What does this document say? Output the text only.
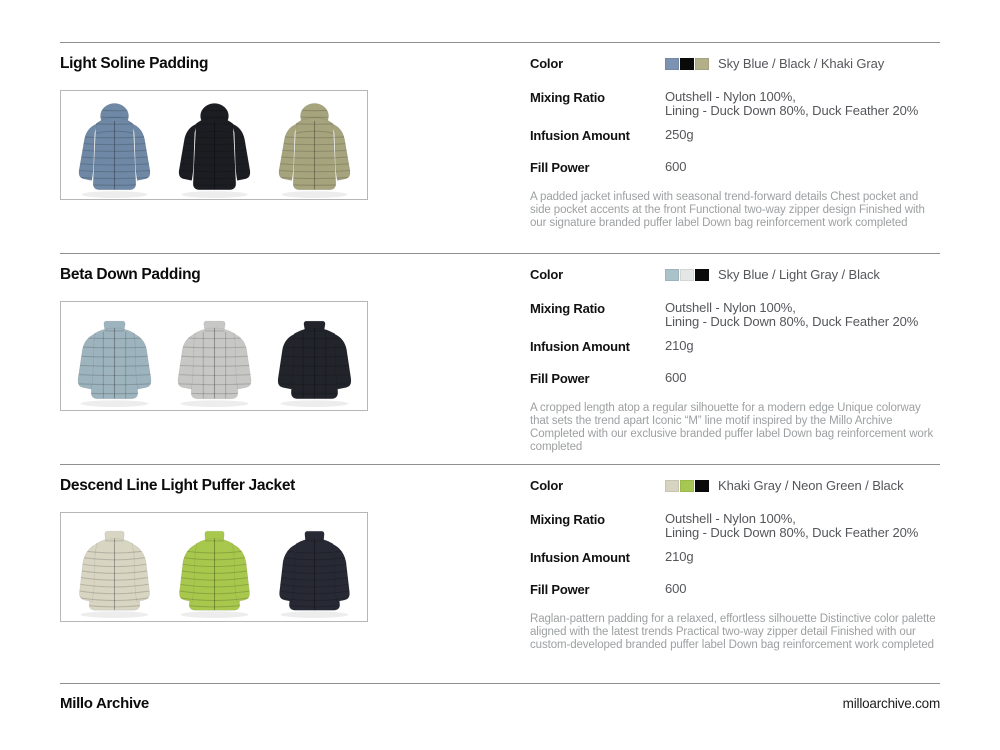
Light Soline Padding	Color	Sky Blue / Black / Khaki Gray
Mixing Ratio	Outshell - Nylon 100%,
Lining - Duck Down 80%, Duck Feather 20%
Infusion Amount	250g
Fill Power	600

A padded jacket infused with seasonal trend-forward details Chest pocket and side pocket accents at the front Functional two-way zipper design Finished with our signature branded puffer label Down bag reinforcement work completed

Beta Down Padding	Color	Sky Blue / Light Gray / Black
Mixing Ratio	Outshell - Nylon 100%,
Lining - Duck Down 80%, Duck Feather 20%
Infusion Amount	210g
Fill Power	600

A cropped length atop a regular silhouette for a modern edge Unique colorway that sets the trend apart Iconic “M” line motif inspired by the Millo Archive Completed with our exclusive branded puffer label Down bag reinforcement work completed

Descend Line Light Puffer Jacket	Color	Khaki Gray / Neon Green / Black
Mixing Ratio	Outshell - Nylon 100%,
Lining - Duck Down 80%, Duck Feather 20%
Infusion Amount	210g
Fill Power	600

Raglan-pattern padding for a relaxed, effortless silhouette Distinctive color palette aligned with the latest trends Practical two-way zipper detail Finished with our custom-developed branded puffer label Down bag reinforcement work completed

Millo Archive	milloarchive.com
